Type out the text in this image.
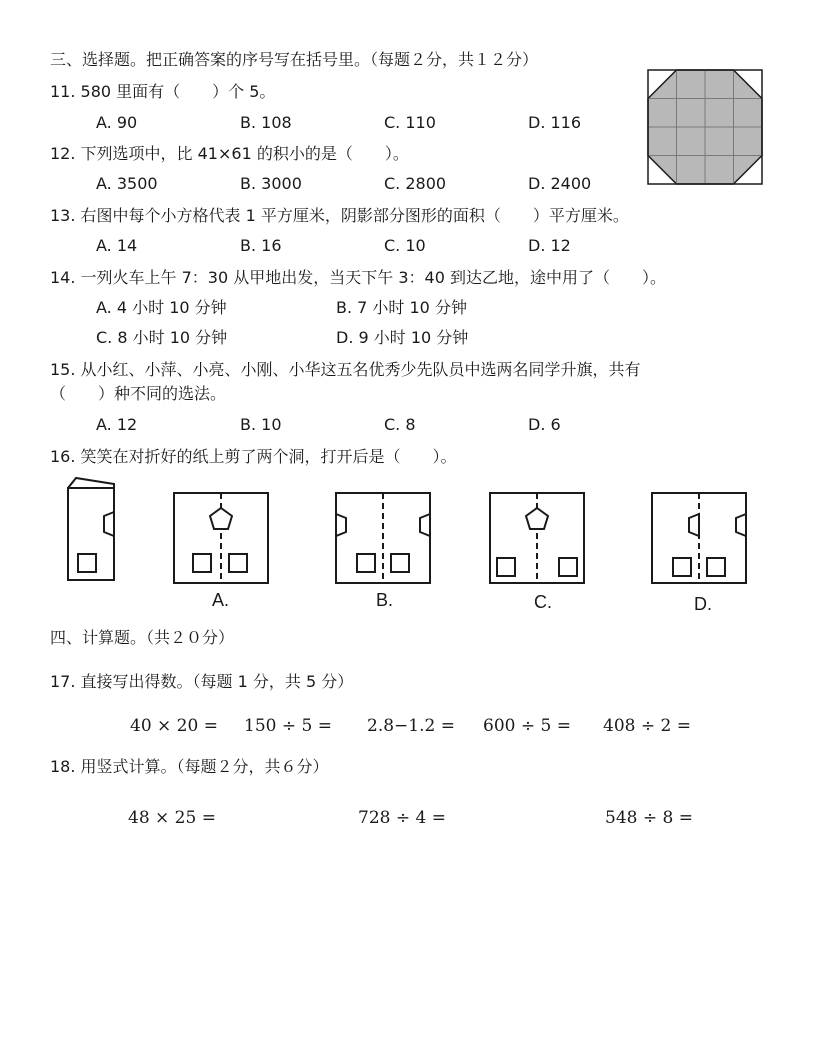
三、选择题。把正确答案的序号写在括号里。（每题２分，共１２分）
11. 580 里面有（　　）个 5。
A. 90	B. 108	C. 110	D. 116
12. 下列选项中，比 41×61 的积小的是（　　）。
A. 3500	B. 3000	C. 2800	D. 2400
13. 右图中每个小方格代表 1 平方厘米，阴影部分图形的面积（　　）平方厘米。
A. 14	B. 16	C. 10	D. 12
14. 一列火车上午 7：30 从甲地出发，当天下午 3：40 到达乙地，途中用了（　　）。
A. 4 小时 10 分钟	B. 7 小时 10 分钟
C. 8 小时 10 分钟	D. 9 小时 10 分钟
15. 从小红、小萍、小亮、小刚、小华这五名优秀少先队员中选两名同学升旗，共有
（　　）种不同的选法。
A. 12	B. 10	C. 8	D. 6
16. 笑笑在对折好的纸上剪了两个洞，打开后是（　　）。
A.	B.	C.	D.
四、计算题。（共２０分）
17. 直接写出得数。（每题 1 分，共 5 分）
40 × 20 = 150 ÷ 5 = 2.8−1.2 = 600 ÷ 5 = 408 ÷ 2 =
18. 用竖式计算。（每题２分，共６分）
48 × 25 =	728 ÷ 4 =	548 ÷ 8 =
